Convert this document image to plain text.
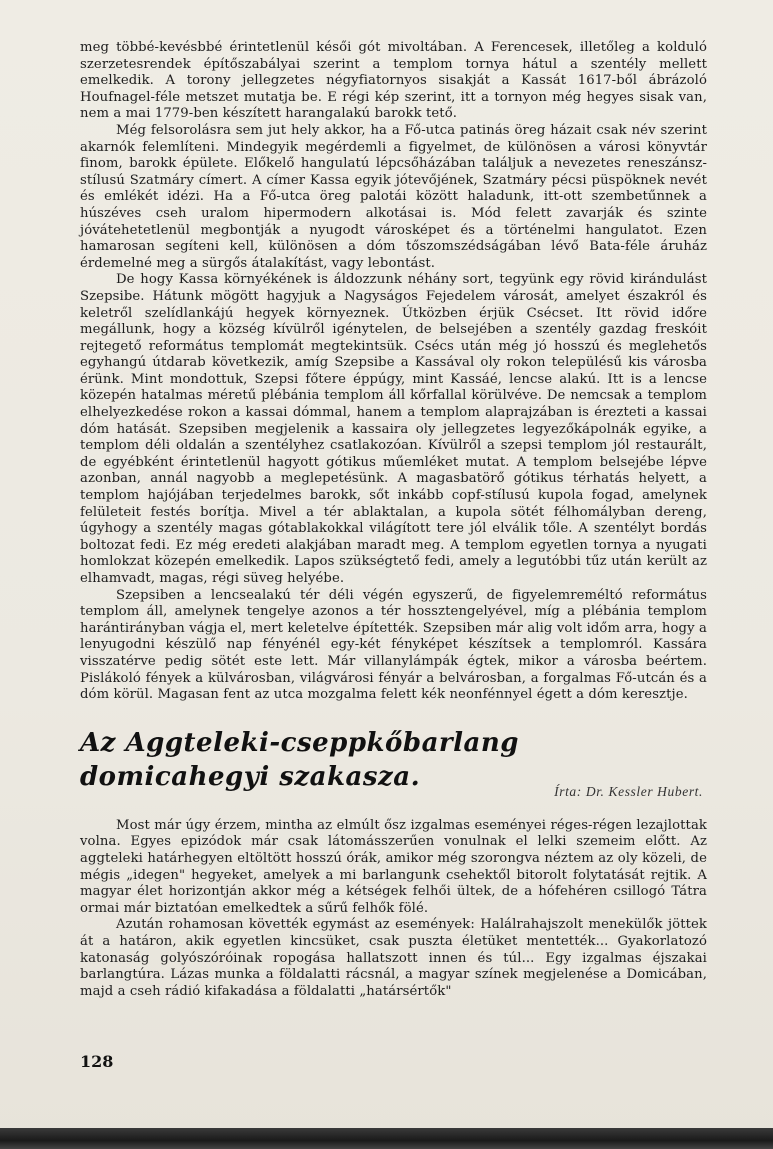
meg többé-kevésbbé érintetlenül késői gót mivoltában. A Ferencesek, illetőleg a kolduló szerzetesrendek építőszabályai szerint a templom tornya hátul a szentély mellett emelkedik. A torony jellegzetes négyfiatornyos sisakját a Kassát 1617-ből ábrázoló Houfnagel-féle metszet mutatja be. E régi kép szerint, itt a tornyon még hegyes sisak van, nem a mai 1779-ben készített harangalakú barokk tető.

Még felsorolásra sem jut hely akkor, ha a Fő-utca patinás öreg házait csak név szerint akarnók felemlíteni. Mindegyik megérdemli a figyelmet, de különösen a városi könyvtár finom, barokk épülete. Előkelő hangulatú lépcsőházában találjuk a nevezetes reneszánsz-stílusú Szatmáry címert. A címer Kassa egyik jótevőjének, Szatmáry pécsi püspöknek nevét és emlékét idézi. Ha a Fő-utca öreg palotái között haladunk, itt-ott szembetűnnek a húszéves cseh uralom hipermodern alkotásai is. Mód felett zavarják és szinte jóvátehetetlenül megbontják a nyugodt városképet és a történelmi hangulatot. Ezen hamarosan segíteni kell, különösen a dóm tőszomszédságában lévő Bata-féle áruház érdemelné meg a sürgős átalakítást, vagy lebontást.

De hogy Kassa környékének is áldozzunk néhány sort, tegyünk egy rövid kirándulást Szepsibe. Hátunk mögött hagyjuk a Nagyságos Fejedelem városát, amelyet északról és keletről szelídlankájú hegyek környeznek. Útközben érjük Csécset. Itt rövid időre megállunk, hogy a község kívülről igénytelen, de belsejében a szentély gazdag freskóit rejtegető református templomát megtekintsük. Csécs után még jó hosszú és meglehetős egyhangú útdarab következik, amíg Szepsibe a Kassával oly rokon településű kis városba érünk. Mint mondottuk, Szepsi főtere éppúgy, mint Kassáé, lencse alakú. Itt is a lencse közepén hatalmas méretű plébánia templom áll kőrfallal körülvéve. De nemcsak a templom elhelyezkedése rokon a kassai dómmal, hanem a templom alaprajzában is érezteti a kassai dóm hatását. Szepsiben megjelenik a kassaira oly jellegzetes legyezőkápolnák egyike, a templom déli oldalán a szentélyhez csatlakozóan. Kívülről a szepsi templom jól restaurált, de egyébként érintetlenül hagyott gótikus műemléket mutat. A templom belsejébe lépve azonban, annál nagyobb a meglepetésünk. A magasbatörő gótikus térhatás helyett, a templom hajójában terjedelmes barokk, sőt inkább copf-stílusú kupola fogad, amelynek felületeit festés borítja. Mivel a tér ablaktalan, a kupola sötét félhomályban dereng, úgyhogy a szentély magas gótablakokkal világított tere jól elválik tőle. A szentélyt bordás boltozat fedi. Ez még eredeti alakjában maradt meg. A templom egyetlen tornya a nyugati homlokzat közepén emelkedik. Lapos szükségtető fedi, amely a legutóbbi tűz után került az elhamvadt, magas, régi süveg helyébe.

Szepsiben a lencsealakú tér déli végén egyszerű, de figyelemreméltó református templom áll, amelynek tengelye azonos a tér hossztengelyével, míg a plébánia templom harántirányban vágja el, mert keletelve építették. Szepsiben már alig volt időm arra, hogy a lenyugodni készülő nap fényénél egy-két fényképet készítsek a templomról. Kassára visszatérve pedig sötét este lett. Már villanylámpák égtek, mikor a városba beértem. Pislákoló fények a külvárosban, világvárosi fényár a belvárosban, a forgalmas Fő-utcán és a dóm körül. Magasan fent az utca mozgalma felett kék neonfénnyel égett a dóm keresztje.

Az Aggteleki-cseppkőbarlang
domicahegyi szakasza.	Írta: Dr. Kessler Hubert.

Most már úgy érzem, mintha az elmúlt ősz izgalmas eseményei réges-régen lezajlottak volna. Egyes epizódok már csak látomásszerűen vonulnak el lelki szemeim előtt. Az aggteleki határhegyen eltöltött hosszú órák, amikor még szorongva néztem az oly közeli, de mégis „idegen" hegyeket, amelyek a mi barlangunk csehektől bitorolt folytatását rejtik. A magyar élet horizontján akkor még a kétségek felhői ültek, de a hófehéren csillogó Tátra ormai már biztatóan emelkedtek a sűrű felhők fölé.

Azután rohamosan követték egymást az események: Halálrahajszolt menekülők jöttek át a határon, akik egyetlen kincsüket, csak puszta életüket mentették... Gyakorlatozó katonaság golyószóróinak ropogása hallatszott innen és túl... Egy izgalmas éjszakai barlangtúra. Lázas munka a földalatti rácsnál, a magyar színek megjelenése a Domicában, majd a cseh rádió kifakadása a földalatti „határsértők"

128
